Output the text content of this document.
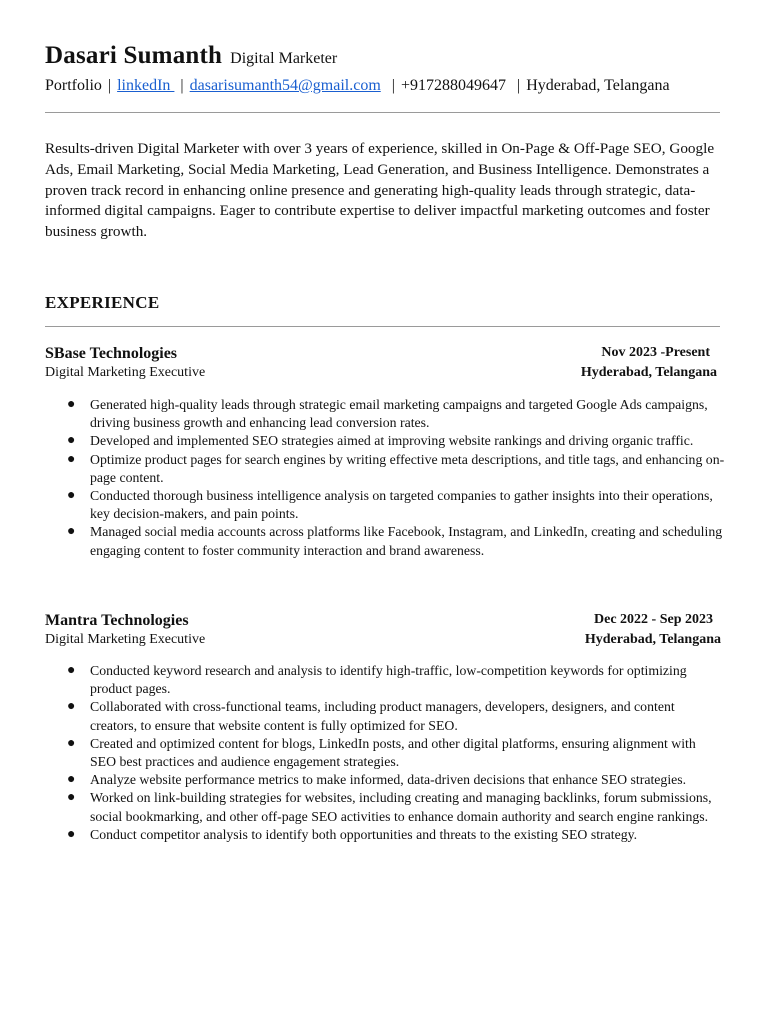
Dasari Sumanth Digital Marketer
Portfolio | linkedIn | dasarisumanth54@gmail.com | +917288049647 | Hyderabad, Telangana

Results-driven Digital Marketer with over 3 years of experience, skilled in On-Page & Off-Page SEO, Google Ads, Email Marketing, Social Media Marketing, Lead Generation, and Business Intelligence. Demonstrates a proven track record in enhancing online presence and generating high-quality leads through strategic, data-informed digital campaigns. Eager to contribute expertise to deliver impactful marketing outcomes and foster business growth.

EXPERIENCE
SBase Technologies	Nov 2023 -Present
Digital Marketing Executive	Hyderabad, Telangana
● Generated high-quality leads through strategic email marketing campaigns and targeted Google Ads campaigns, driving business growth and enhancing lead conversion rates.
● Developed and implemented SEO strategies aimed at improving website rankings and driving organic traffic.
● Optimize product pages for search engines by writing effective meta descriptions, and title tags, and enhancing on-page content.
● Conducted thorough business intelligence analysis on targeted companies to gather insights into their operations, key decision-makers, and pain points.
● Managed social media accounts across platforms like Facebook, Instagram, and LinkedIn, creating and scheduling engaging content to foster community interaction and brand awareness.
Mantra Technologies	Dec 2022 - Sep 2023
Digital Marketing Executive	Hyderabad, Telangana
● Conducted keyword research and analysis to identify high-traffic, low-competition keywords for optimizing product pages.
● Collaborated with cross-functional teams, including product managers, developers, designers, and content creators, to ensure that website content is fully optimized for SEO.
● Created and optimized content for blogs, LinkedIn posts, and other digital platforms, ensuring alignment with SEO best practices and audience engagement strategies.
● Analyze website performance metrics to make informed, data-driven decisions that enhance SEO strategies.
● Worked on link-building strategies for websites, including creating and managing backlinks, forum submissions, social bookmarking, and other off-page SEO activities to enhance domain authority and search engine rankings.
● Conduct competitor analysis to identify both opportunities and threats to the existing SEO strategy.
